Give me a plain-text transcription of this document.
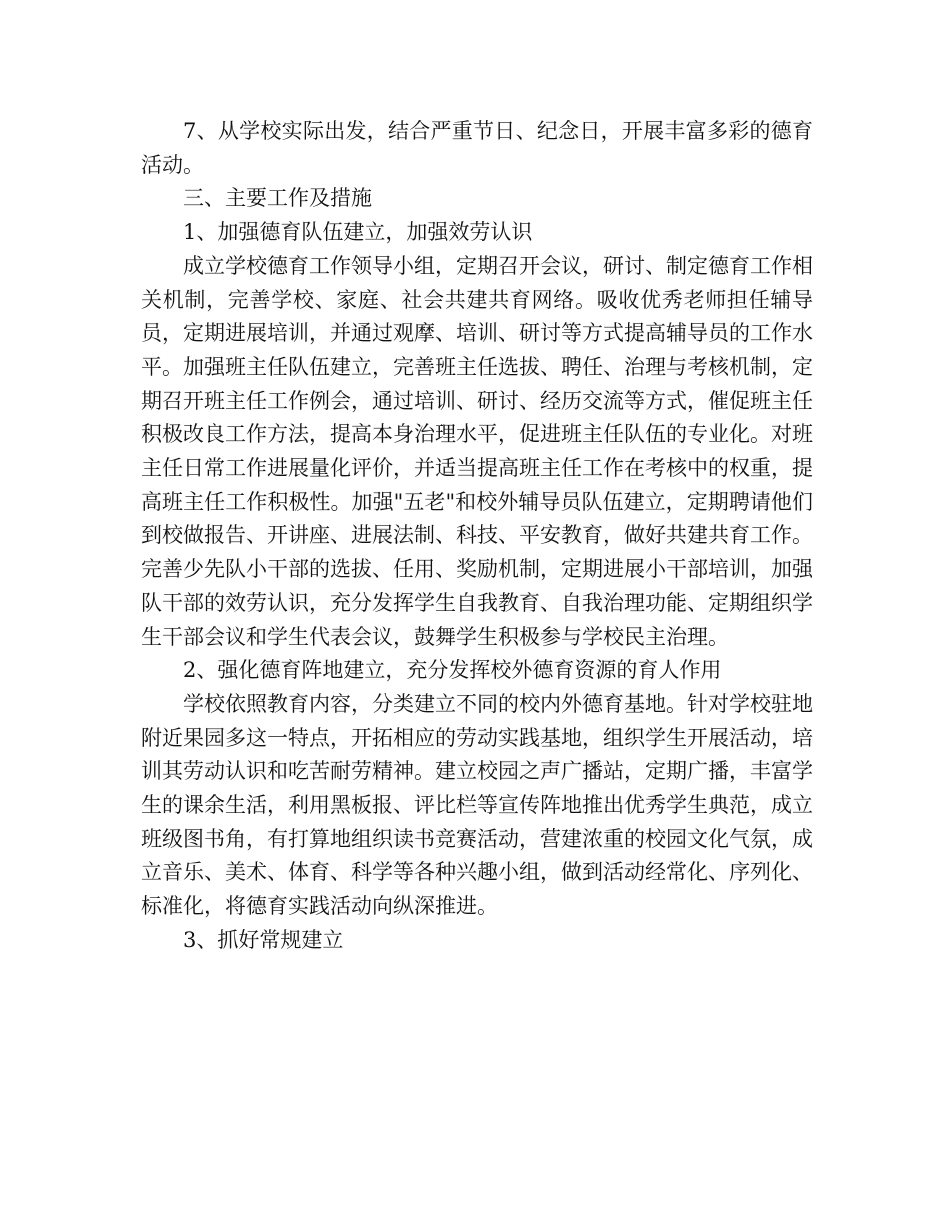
7、从学校实际出发，结合严重节日、纪念日，开展丰富多彩的德育活动。

三、主要工作及措施

1、加强德育队伍建立，加强效劳认识

成立学校德育工作领导小组，定期召开会议，研讨、制定德育工作相关机制，完善学校、家庭、社会共建共育网络。吸收优秀老师担任辅导员，定期进展培训，并通过观摩、培训、研讨等方式提高辅导员的工作水平。加强班主任队伍建立，完善班主任选拔、聘任、治理与考核机制，定期召开班主任工作例会，通过培训、研讨、经历交流等方式，催促班主任积极改良工作方法，提高本身治理水平，促进班主任队伍的专业化。对班主任日常工作进展量化评价，并适当提高班主任工作在考核中的权重，提高班主任工作积极性。加强"五老"和校外辅导员队伍建立，定期聘请他们到校做报告、开讲座、进展法制、科技、平安教育，做好共建共育工作。完善少先队小干部的选拔、任用、奖励机制，定期进展小干部培训，加强队干部的效劳认识，充分发挥学生自我教育、自我治理功能、定期组织学生干部会议和学生代表会议，鼓舞学生积极参与学校民主治理。

2、强化德育阵地建立，充分发挥校外德育资源的育人作用

学校依照教育内容，分类建立不同的校内外德育基地。针对学校驻地附近果园多这一特点，开拓相应的劳动实践基地，组织学生开展活动，培训其劳动认识和吃苦耐劳精神。建立校园之声广播站，定期广播，丰富学生的课余生活，利用黑板报、评比栏等宣传阵地推出优秀学生典范，成立班级图书角，有打算地组织读书竞赛活动，营建浓重的校园文化气氛，成立音乐、美术、体育、科学等各种兴趣小组，做到活动经常化、序列化、标准化，将德育实践活动向纵深推进。

3、抓好常规建立
